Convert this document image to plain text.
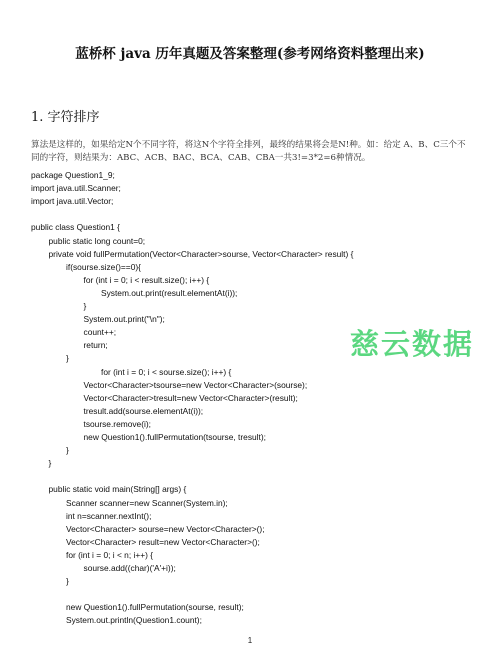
蓝桥杯 java 历年真题及答案整理(参考网络资料整理出来)
1. 字符排序
算法是这样的，如果给定N个不同字符，将这N个字符全排列，最终的结果将会是N!种。如：给定 A、B、C三个不
同的字符，则结果为：ABC、ACB、BAC、BCA、CAB、CBA一共3!=3*2=6种情况。
package Question1_9;
import java.util.Scanner;
import java.util.Vector;
public class Question1 {
public static long count=0;
private void fullPermutation(Vector<Character>sourse, Vector<Character> result) {
if(sourse.size()==0){
for (int i = 0; i < result.size(); i++) {
System.out.print(result.elementAt(i));
}
System.out.print("\n");
count++;
return;
}
for (int i = 0; i < sourse.size(); i++) {
Vector<Character>tsourse=new Vector<Character>(sourse);
Vector<Character>tresult=new Vector<Character>(result);
tresult.add(sourse.elementAt(i));
tsourse.remove(i);
new Question1().fullPermutation(tsourse, tresult);
}
}
public static void main(String[] args) {
Scanner scanner=new Scanner(System.in);
int n=scanner.nextInt();
Vector<Character> sourse=new Vector<Character>();
Vector<Character> result=new Vector<Character>();
for (int i = 0; i < n; i++) {
sourse.add((char)('A'+i));
}
new Question1().fullPermutation(sourse, result);
System.out.println(Question1.count);
慈云数据
1
